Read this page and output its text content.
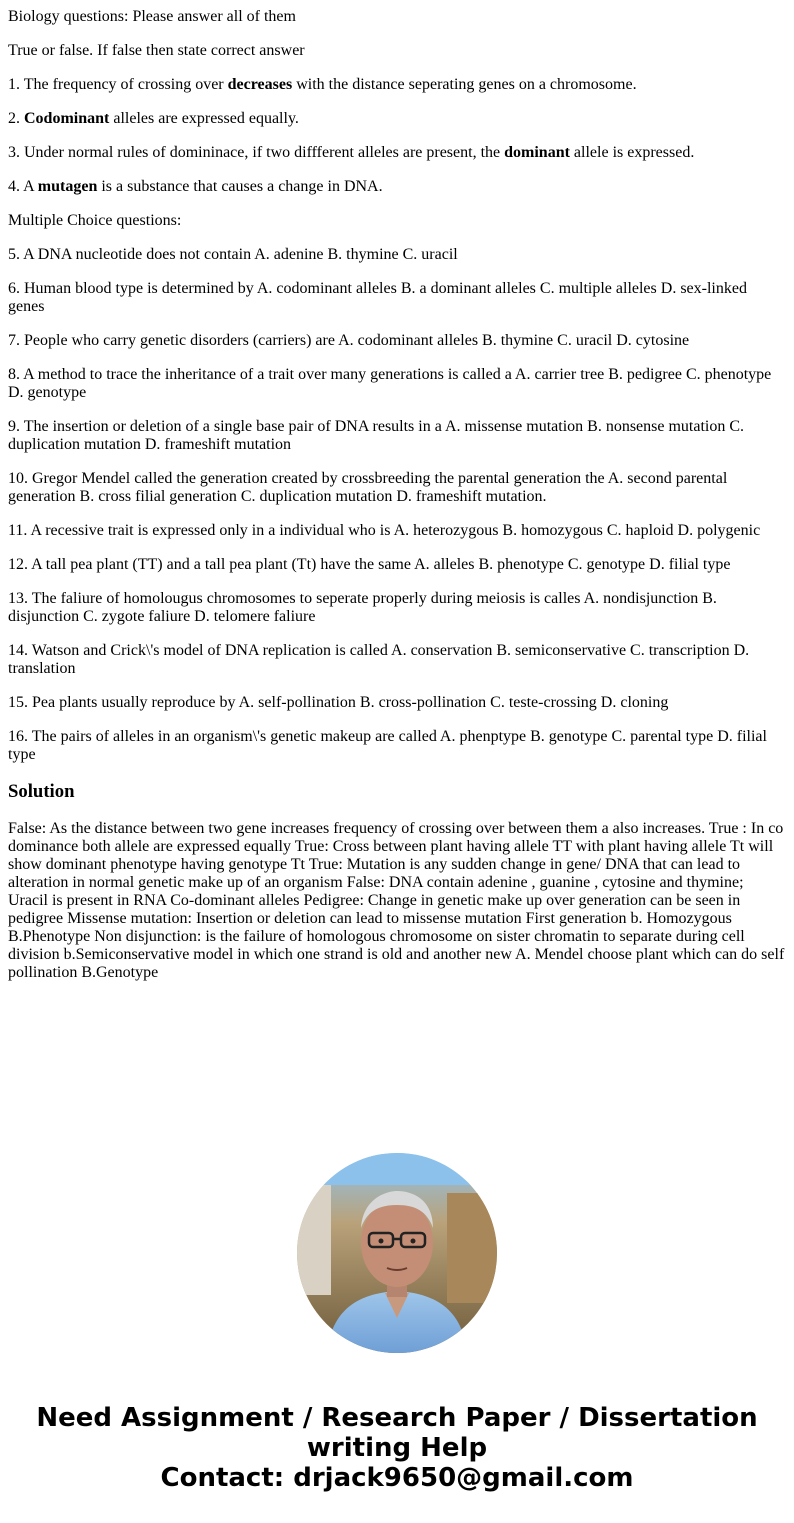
Biology questions: Please answer all of them

True or false. If false then state correct answer

1. The frequency of crossing over decreases with the distance seperating genes on a chromosome.

2. Codominant alleles are expressed equally.

3. Under normal rules of domininace, if two diffferent alleles are present, the dominant allele is expressed.

4. A mutagen is a substance that causes a change in DNA.

Multiple Choice questions:

5. A DNA nucleotide does not contain A. adenine B. thymine C. uracil

6. Human blood type is determined by A. codominant alleles B. a dominant alleles C. multiple alleles D. sex-linked genes

7. People who carry genetic disorders (carriers) are A. codominant alleles B. thymine C. uracil D. cytosine

8. A method to trace the inheritance of a trait over many generations is called a A. carrier tree B. pedigree C. phenotype D. genotype

9. The insertion or deletion of a single base pair of DNA results in a A. missense mutation B. nonsense mutation C. duplication mutation D. frameshift mutation

10. Gregor Mendel called the generation created by crossbreeding the parental generation the A. second parental generation B. cross filial generation C. duplication mutation D. frameshift mutation.

11. A recessive trait is expressed only in a individual who is A. heterozygous B. homozygous C. haploid D. polygenic

12. A tall pea plant (TT) and a tall pea plant (Tt) have the same A. alleles B. phenotype C. genotype D. filial type

13. The faliure of homolougus chromosomes to seperate properly during meiosis is calles A. nondisjunction B. disjunction C. zygote faliure D. telomere faliure

14. Watson and Crick\'s model of DNA replication is called A. conservation B. semiconservative C. transcription D. translation

15. Pea plants usually reproduce by A. self-pollination B. cross-pollination C. teste-crossing D. cloning

16. The pairs of alleles in an organism\'s genetic makeup are called A. phenptype B. genotype C. parental type D. filial type

Solution

False: As the distance between two gene increases frequency of crossing over between them a also increases. True : In co dominance both allele are expressed equally True: Cross between plant having allele TT with plant having allele Tt will show dominant phenotype having genotype Tt True: Mutation is any sudden change in gene/ DNA that can lead to alteration in normal genetic make up of an organism False: DNA contain adenine , guanine , cytosine and thymine; Uracil is present in RNA Co-dominant alleles Pedigree: Change in genetic make up over generation can be seen in pedigree Missense mutation: Insertion or deletion can lead to missense mutation First generation b. Homozygous B.Phenotype Non disjunction: is the failure of homologous chromosome on sister chromatin to separate during cell division b.Semiconservative model in which one strand is old and another new A. Mendel choose plant which can do self pollination B.Genotype

Need Assignment / Research Paper / Dissertation
writing Help
Contact: drjack9650@gmail.com
